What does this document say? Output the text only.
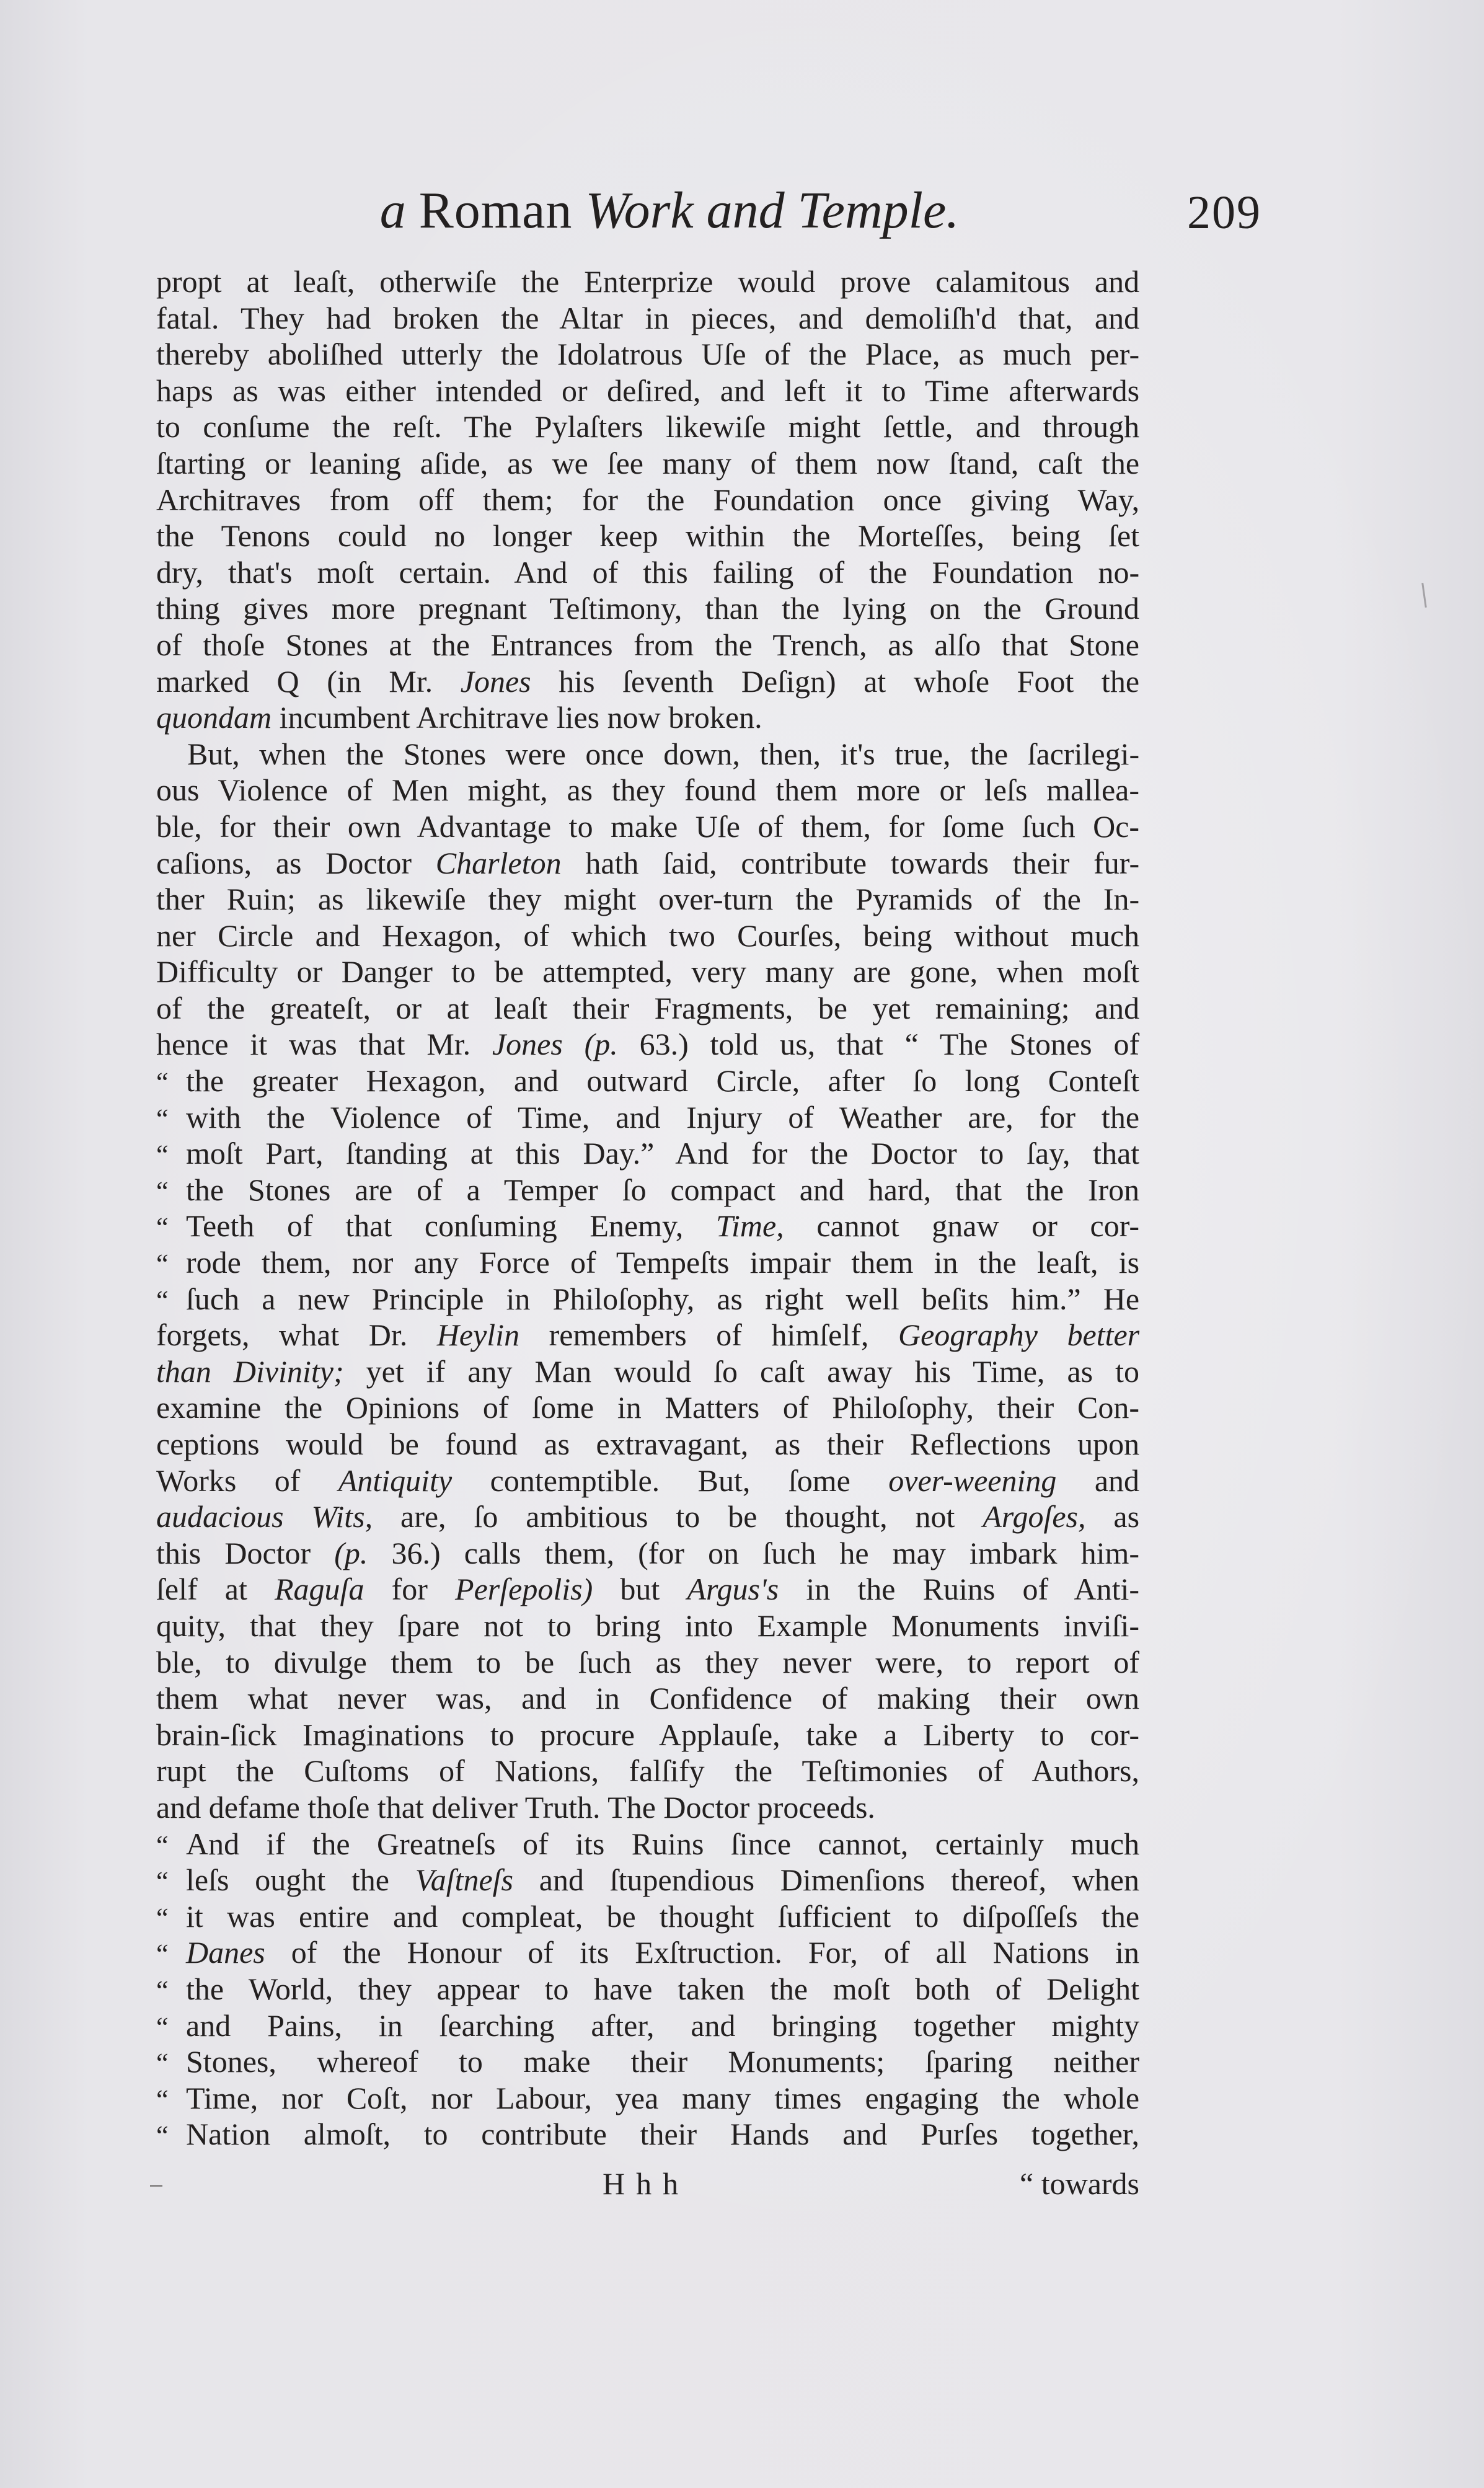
a Roman Work and Temple.	209
propt at leaſt, otherwiſe the Enterprize would prove calamitous and
fatal. They had broken the Altar in pieces, and demoliſh'd that, and
thereby aboliſhed utterly the Idolatrous Uſe of the Place, as much per-
haps as was either intended or deſired, and left it to Time afterwards
to conſume the reſt. The Pylaſters likewiſe might ſettle, and through
ſtarting or leaning aſide, as we ſee many of them now ſtand, caſt the
Architraves from off them; for the Foundation once giving Way,
the Tenons could no longer keep within the Morteſſes, being ſet
dry, that's moſt certain. And of this failing of the Foundation no-
thing gives more pregnant Teſtimony, than the lying on the Ground
of thoſe Stones at the Entrances from the Trench, as alſo that Stone
marked Q (in Mr. Jones his ſeventh Deſign) at whoſe Foot the
quondam incumbent Architrave lies now broken.
But, when the Stones were once down, then, it's true, the ſacrilegi-
ous Violence of Men might, as they found them more or leſs mallea-
ble, for their own Advantage to make Uſe of them, for ſome ſuch Oc-
caſions, as Doctor Charleton hath ſaid, contribute towards their fur-
ther Ruin; as likewiſe they might over-turn the Pyramids of the In-
ner Circle and Hexagon, of which two Courſes, being without much
Difficulty or Danger to be attempted, very many are gone, when moſt
of the greateſt, or at leaſt their Fragments, be yet remaining; and
hence it was that Mr. Jones (p. 63.) told us, that “ The Stones of
“ the greater Hexagon, and outward Circle, after ſo long Conteſt
“ with the Violence of Time, and Injury of Weather are, for the
“ moſt Part, ſtanding at this Day.” And for the Doctor to ſay, that
“ the Stones are of a Temper ſo compact and hard, that the Iron
“ Teeth of that conſuming Enemy, Time, cannot gnaw or cor-
“ rode them, nor any Force of Tempeſts impair them in the leaſt, is
“ ſuch a new Principle in Philoſophy, as right well beſits him.” He
forgets, what Dr. Heylin remembers of himſelf, Geography better
than Divinity; yet if any Man would ſo caſt away his Time, as to
examine the Opinions of ſome in Matters of Philoſophy, their Con-
ceptions would be found as extravagant, as their Reflections upon
Works of Antiquity contemptible. But, ſome over-weening and
audacious Wits, are, ſo ambitious to be thought, not Argoſes, as
this Doctor (p. 36.) calls them, (for on ſuch he may imbark him-
ſelf at Raguſa for Perſepolis) but Argus's in the Ruins of Anti-
quity, that they ſpare not to bring into Example Monuments inviſi-
ble, to divulge them to be ſuch as they never were, to report of
them what never was, and in Confidence of making their own
brain-ſick Imaginations to procure Applauſe, take a Liberty to cor-
rupt the Cuſtoms of Nations, falſify the Teſtimonies of Authors,
and defame thoſe that deliver Truth. The Doctor proceeds.
“ And if the Greatneſs of its Ruins ſince cannot, certainly much
“ leſs ought the Vaſtneſs and ſtupendious Dimenſions thereof, when
“ it was entire and compleat, be thought ſufficient to diſpoſſeſs the
“ Danes of the Honour of its Exſtruction. For, of all Nations in
“ the World, they appear to have taken the moſt both of Delight
“ and Pains, in ſearching after, and bringing together mighty
“ Stones, whereof to make their Monuments; ſparing neither
“ Time, nor Coſt, nor Labour, yea many times engaging the whole
“ Nation almoſt, to contribute their Hands and Purſes together,
Hhh	“ towards
